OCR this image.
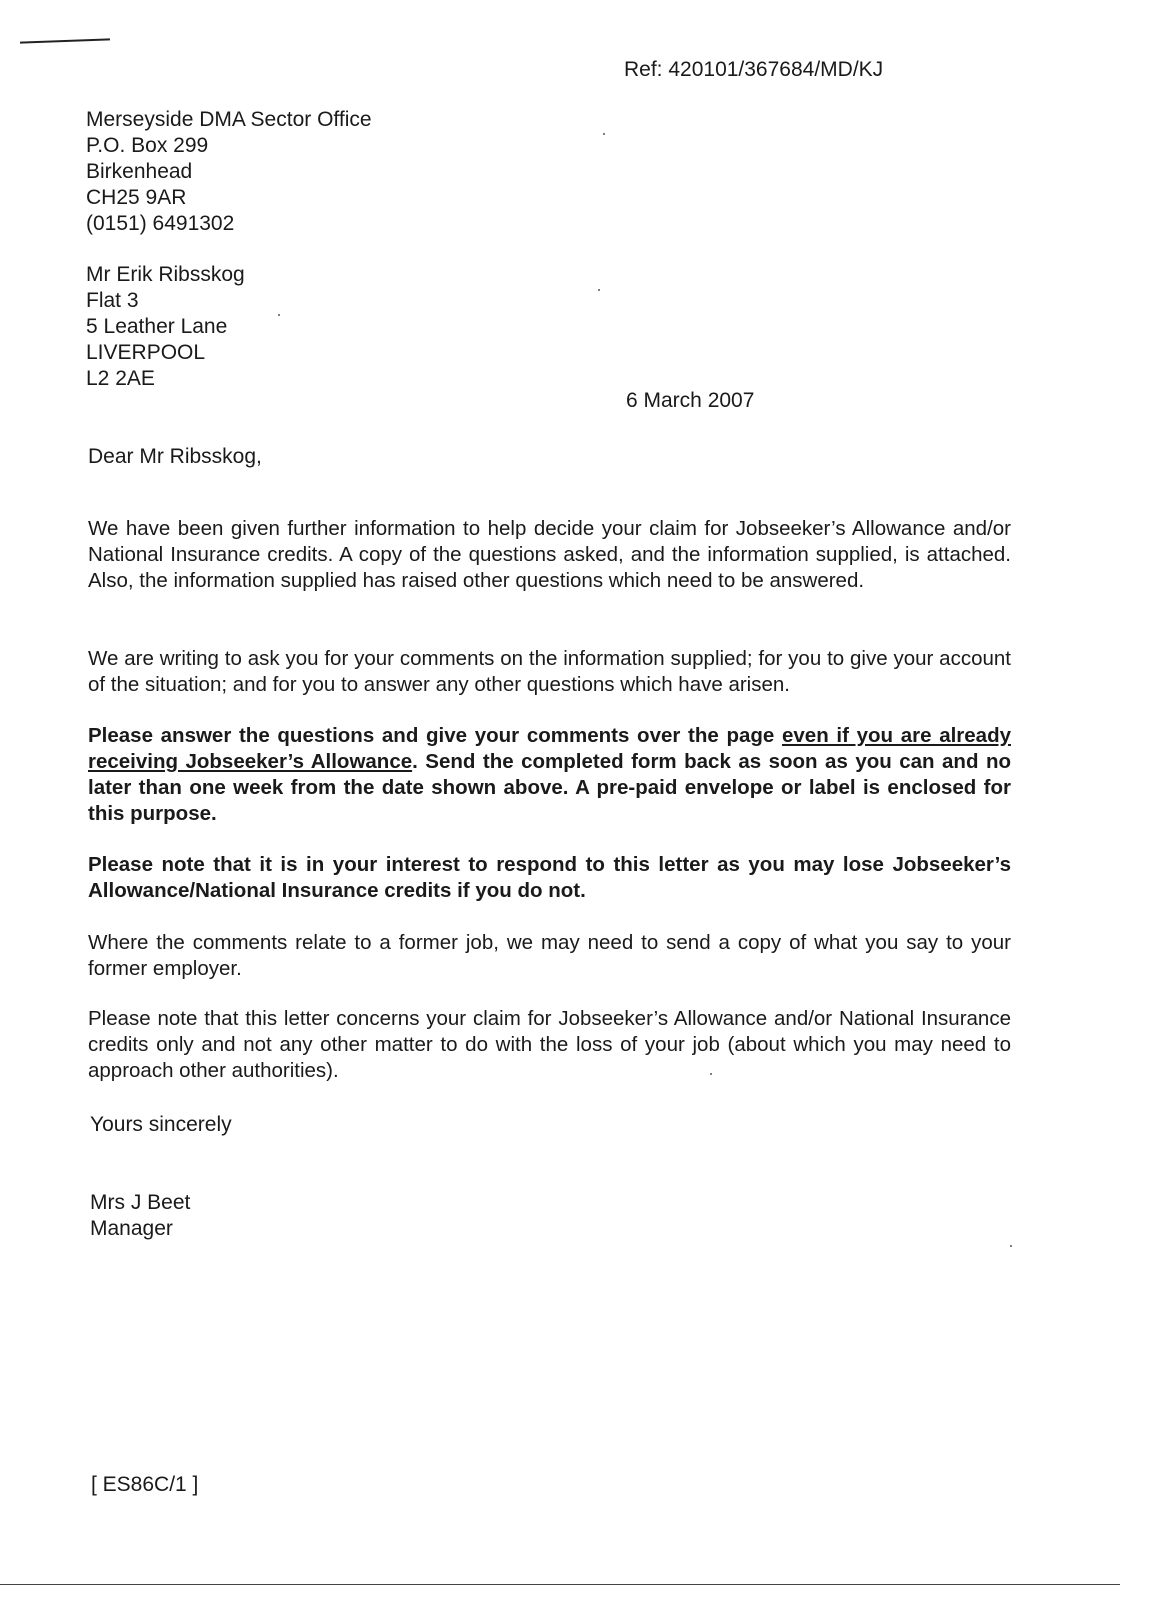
Ref: 420101/367684/MD/KJ

Merseyside DMA Sector Office
P.O. Box 299
Birkenhead
CH25 9AR
(0151) 6491302
Mr Erik Ribsskog
Flat 3
5 Leather Lane
LIVERPOOL
L2 2AE

6 March 2007

Dear Mr Ribsskog,

We have been given further information to help decide your claim for Jobseeker’s Allowance and/or National Insurance credits. A copy of the questions asked, and the information supplied, is attached. Also, the information supplied has raised other questions which need to be answered.

We are writing to ask you for your comments on the information supplied; for you to give your account of the situation; and for you to answer any other questions which have arisen.

Please answer the questions and give your comments over the page even if you are already receiving Jobseeker’s Allowance. Send the completed form back as soon as you can and no later than one week from the date shown above. A pre-paid envelope or label is enclosed for this purpose.

Please note that it is in your interest to respond to this letter as you may lose Jobseeker’s Allowance/National Insurance credits if you do not.

Where the comments relate to a former job, we may need to send a copy of what you say to your former employer.

Please note that this letter concerns your claim for Jobseeker’s Allowance and/or National Insurance credits only and not any other matter to do with the loss of your job (about which you may need to approach other authorities).

Yours sincerely

Mrs J Beet
Manager

[ ES86C/1 ]
